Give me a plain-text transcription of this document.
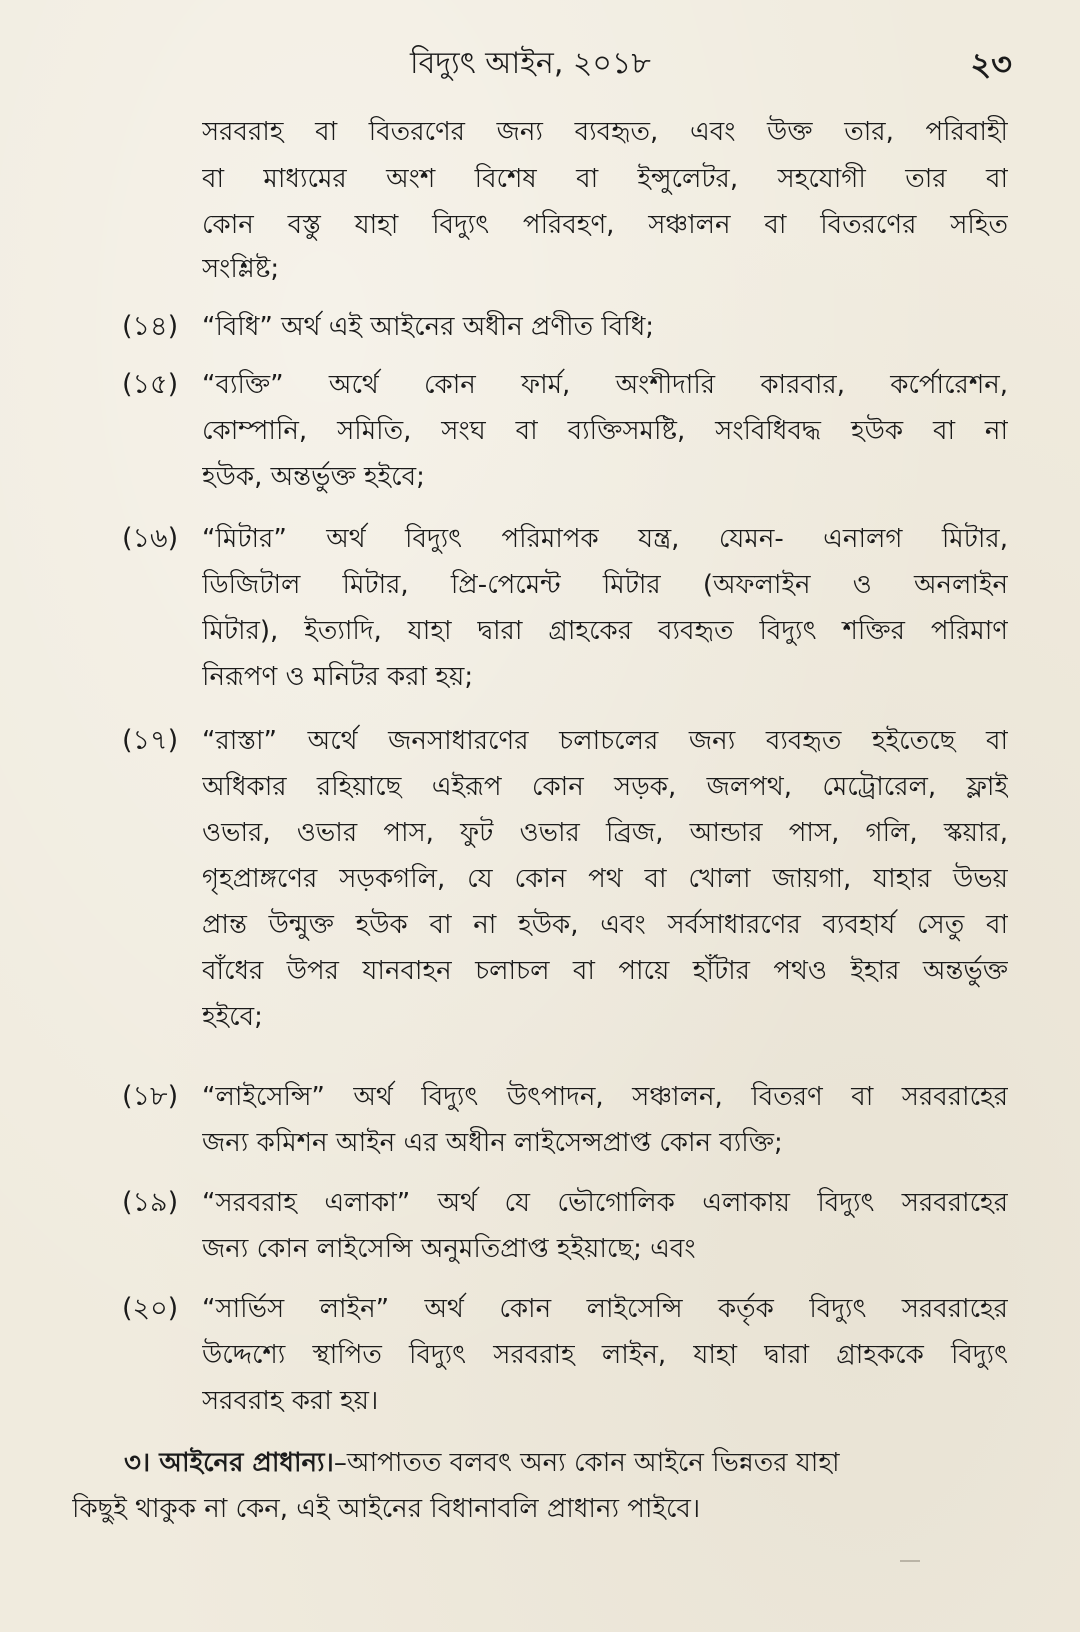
বিদ্যুৎ আইন, ২০১৮	২৩
সরবরাহ বা বিতরণের জন্য ব্যবহৃত, এবং উক্ত তার, পরিবাহী
বা মাধ্যমের অংশ বিশেষ বা ইন্সুলেটর, সহযোগী তার বা
কোন বস্তু যাহা বিদ্যুৎ পরিবহণ, সঞ্চালন বা বিতরণের সহিত
সংশ্লিষ্ট;
(১৪) “বিধি” অর্থ এই আইনের অধীন প্রণীত বিধি;
(১৫) “ব্যক্তি” অর্থে কোন ফার্ম, অংশীদারি কারবার, কর্পোরেশন,
কোম্পানি, সমিতি, সংঘ বা ব্যক্তিসমষ্টি, সংবিধিবদ্ধ হউক বা না
হউক, অন্তর্ভুক্ত হইবে;
(১৬) “মিটার” অর্থ বিদ্যুৎ পরিমাপক যন্ত্র, যেমন- এনালগ মিটার,
ডিজিটাল মিটার, প্রি-পেমেন্ট মিটার (অফলাইন ও অনলাইন
মিটার), ইত্যাদি, যাহা দ্বারা গ্রাহকের ব্যবহৃত বিদ্যুৎ শক্তির পরিমাণ
নিরূপণ ও মনিটর করা হয়;
(১৭) “রাস্তা” অর্থে জনসাধারণের চলাচলের জন্য ব্যবহৃত হইতেছে বা
অধিকার রহিয়াছে এইরূপ কোন সড়ক, জলপথ, মেট্রোরেল, ফ্লাই
ওভার, ওভার পাস, ফুট ওভার ব্রিজ, আন্ডার পাস, গলি, স্কয়ার,
গৃহপ্রাঙ্গণের সড়কগলি, যে কোন পথ বা খোলা জায়গা, যাহার উভয়
প্রান্ত উন্মুক্ত হউক বা না হউক, এবং সর্বসাধারণের ব্যবহার্য সেতু বা
বাঁধের উপর যানবাহন চলাচল বা পায়ে হাঁটার পথও ইহার অন্তর্ভুক্ত
হইবে;
(১৮) “লাইসেন্সি” অর্থ বিদ্যুৎ উৎপাদন, সঞ্চালন, বিতরণ বা সরবরাহের
জন্য কমিশন আইন এর অধীন লাইসেন্সপ্রাপ্ত কোন ব্যক্তি;
(১৯) “সরবরাহ এলাকা” অর্থ যে ভৌগোলিক এলাকায় বিদ্যুৎ সরবরাহের
জন্য কোন লাইসেন্সি অনুমতিপ্রাপ্ত হইয়াছে; এবং
(২০) “সার্ভিস লাইন” অর্থ কোন লাইসেন্সি কর্তৃক বিদ্যুৎ সরবরাহের
উদ্দেশ্যে স্থাপিত বিদ্যুৎ সরবরাহ লাইন, যাহা দ্বারা গ্রাহককে বিদ্যুৎ
সরবরাহ করা হয়।
৩। আইনের প্রাধান্য।–আপাতত বলবৎ অন্য কোন আইনে ভিন্নতর যাহা
কিছুই থাকুক না কেন, এই আইনের বিধানাবলি প্রাধান্য পাইবে।
